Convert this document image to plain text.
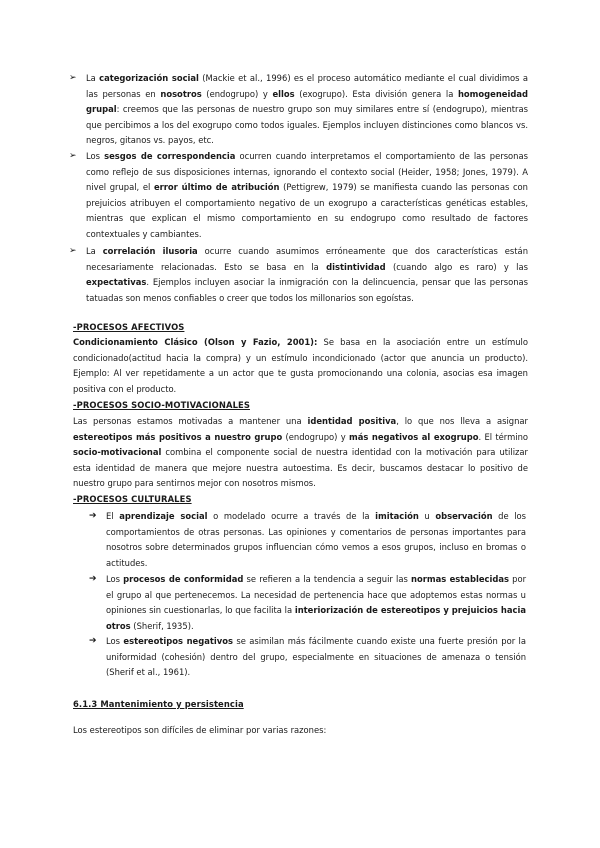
➢	La categorización social (Mackie et al., 1996) es el proceso automático mediante el cual dividimos a las personas en nosotros (endogrupo) y ellos (exogrupo). Esta división genera la homogeneidad grupal: creemos que las personas de nuestro grupo son muy similares entre sí (endogrupo), mientras que percibimos a los del exogrupo como todos iguales. Ejemplos incluyen distinciones como blancos vs. negros, gitanos vs. payos, etc.
➢	Los sesgos de correspondencia ocurren cuando interpretamos el comportamiento de las personas como reflejo de sus disposiciones internas, ignorando el contexto social (Heider, 1958; Jones, 1979). A nivel grupal, el error último de atribución (Pettigrew, 1979) se manifiesta cuando las personas con prejuicios atribuyen el comportamiento negativo de un exogrupo a características genéticas estables, mientras que explican el mismo comportamiento en su endogrupo como resultado de factores contextuales y cambiantes.
➢	La correlación ilusoria ocurre cuando asumimos erróneamente que dos características están necesariamente relacionadas. Esto se basa en la distintividad (cuando algo es raro) y las expectativas. Ejemplos incluyen asociar la inmigración con la delincuencia, pensar que las personas tatuadas son menos confiables o creer que todos los millonarios son egoístas.
-PROCESOS AFECTIVOS
Condicionamiento Clásico (Olson y Fazio, 2001): Se basa en la asociación entre un estímulo condicionado(actitud hacia la compra) y un estímulo incondicionado (actor que anuncia un producto). Ejemplo: Al ver repetidamente a un actor que te gusta promocionando una colonia, asocias esa imagen positiva con el producto.
-PROCESOS SOCIO-MOTIVACIONALES
Las personas estamos motivadas a mantener una identidad positiva, lo que nos lleva a asignar estereotipos más positivos a nuestro grupo (endogrupo) y más negativos al exogrupo. El término socio-motivacional combina el componente social de nuestra identidad con la motivación para utilizar esta identidad de manera que mejore nuestra autoestima. Es decir, buscamos destacar lo positivo de nuestro grupo para sentirnos mejor con nosotros mismos.
-PROCESOS CULTURALES
➔	El aprendizaje social o modelado ocurre a través de la imitación u observación de los comportamientos de otras personas. Las opiniones y comentarios de personas importantes para nosotros sobre determinados grupos influencian cómo vemos a esos grupos, incluso en bromas o actitudes.
➔	Los procesos de conformidad se refieren a la tendencia a seguir las normas establecidas por el grupo al que pertenecemos. La necesidad de pertenencia hace que adoptemos estas normas u opiniones sin cuestionarlas, lo que facilita la interiorización de estereotipos y prejuicios hacia otros (Sherif, 1935).
➔	Los estereotipos negativos se asimilan más fácilmente cuando existe una fuerte presión por la uniformidad (cohesión) dentro del grupo, especialmente en situaciones de amenaza o tensión (Sherif et al., 1961).
6.1.3 Mantenimiento y persistencia
Los estereotipos son difíciles de eliminar por varias razones:
